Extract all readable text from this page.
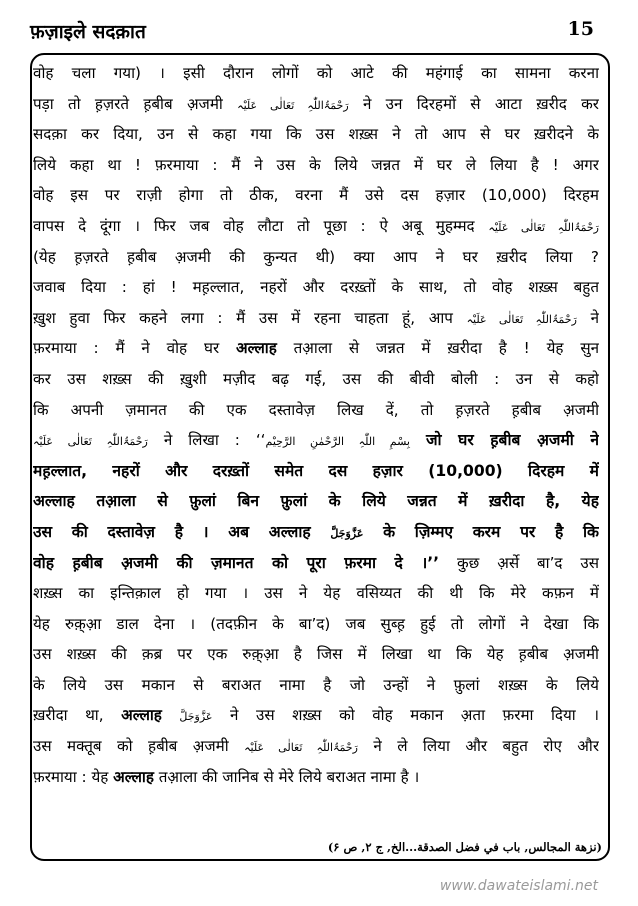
फ़ज़ाइले सदक़ात	15
वोह चला गया) । इसी दौरान लोगों को आटे की महंगाई का सामना करना
पड़ा तो ह़ज़रते ह़बीब अ़जमी رَحْمَۃُاللّٰہِ تَعَالٰی عَلَیْہ ने उन दिरहमों से आटा ख़रीद कर
सदक़ा कर दिया, उन से कहा गया कि उस शख़्स ने तो आप से घर ख़रीदने के
लिये कहा था ! फ़रमाया : मैं ने उस के लिये जन्नत में घर ले लिया है ! अगर
वोह इस पर राज़ी होगा तो ठीक, वरना मैं उसे दस हज़ार (10,000) दिरहम
वापस दे दूंगा । फिर जब वोह लौटा तो पूछा : ऐ अबू मुहम्मद رَحْمَۃُاللّٰہِ تَعَالٰی عَلَیْہ
(येह ह़ज़रते ह़बीब अ़जमी की कुन्यत थी) क्या आप ने घर ख़रीद लिया ?
जवाब दिया : हां ! मह़ल्लात, नहरों और दरख़्तों के साथ, तो वोह शख़्स बहुत
ख़ुश हुवा फिर कहने लगा : मैं उस में रहना चाहता हूं, आप رَحْمَۃُاللّٰہِ تَعَالٰی عَلَیْہ ने
फ़रमाया : मैं ने वोह घर अल्लाह तआ़ला से जन्नत में ख़रीदा है ! येह सुन
कर उस शख़्स की ख़ुशी मज़ीद बढ़ गई, उस की बीवी बोली : उन से कहो
कि अपनी ज़मानत की एक दस्तावेज़ लिख दें, तो ह़ज़रते ह़बीब अ़जमी
رَحْمَۃُاللّٰہِ تَعَالٰی عَلَیْہ ने लिखा : ‘‘بِسْمِ اللّٰہِ الرَّحْمٰنِ الرَّحِیْم जो घर ह़बीब अ़जमी ने
मह़ल्लात, नहरों और दरख़्तों समेत दस हज़ार (10,000) दिरहम में
अल्लाह तआ़ला से फ़ुलां बिन फ़ुलां के लिये जन्नत में ख़रीदा है, येह
उस की दस्तावेज़ है । अब अल्लाह عَزَّوَجَلَّ के ज़िम्मए करम पर है कि
वोह ह़बीब अ़जमी की ज़मानत को पूरा फ़रमा दे ।’’ कुछ अ़र्से बा’द उस
शख़्स का इन्तिक़ाल हो गया । उस ने येह वसिय्यत की थी कि मेरे कफ़न में
येह रुक़्आ़ डाल देना । (तदफ़ीन के बा’द) जब सुब्ह़ हुई तो लोगों ने देखा कि
उस शख़्स की क़ब्र पर एक रुक़्आ़ है जिस में लिखा था कि येह ह़बीब अ़जमी
के लिये उस मकान से बराअत नामा है जो उन्हों ने फ़ुलां शख़्स के लिये
ख़रीदा था, अल्लाह عَزَّوَجَلَّ ने उस शख़्स को वोह मकान अ़ता फ़रमा दिया ।
उस मक्तूब को ह़बीब अ़जमी رَحْمَۃُاللّٰہِ تَعَالٰی عَلَیْہ ने ले लिया और बहुत रोए और
फ़रमाया : येह अल्लाह तआ़ला की जानिब से मेरे लिये बराअत नामा है ।
(نزهة المجالس, باب في فضل الصدقة...الخ, ج ۲, ص ۶)
www.dawateislami.net
